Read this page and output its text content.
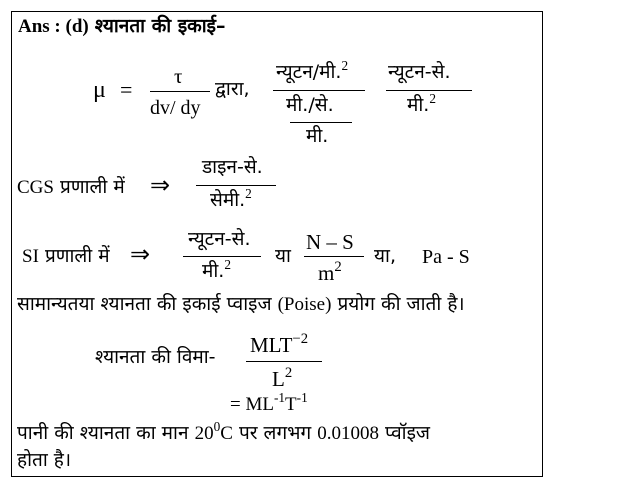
Ans : (d) श्यानता की इकाई–
μ =
τ
dv/ dy
द्वारा,
न्यूटन/मी.$^2$
मी./से.
मी.
न्यूटन-से.
मी.$^2$
CGS प्रणाली में ⇒
डाइन-से.
सेमी.$^2$
SI प्रणाली में ⇒
न्यूटन-से.
मी.$^2$ या
N – S
$m^2$
या, Pa - S
सामान्यतया श्यानता की इकाई प्वाइज (Poise) प्रयोग की जाती है।
श्यानता की विमा- $MLT^{-2}$
$L^2$
= $ML^{-1}T^{-1}$
पानी की श्यानता का मान $20^0C$ पर लगभग 0.01008 प्वॉइज
होता है।
